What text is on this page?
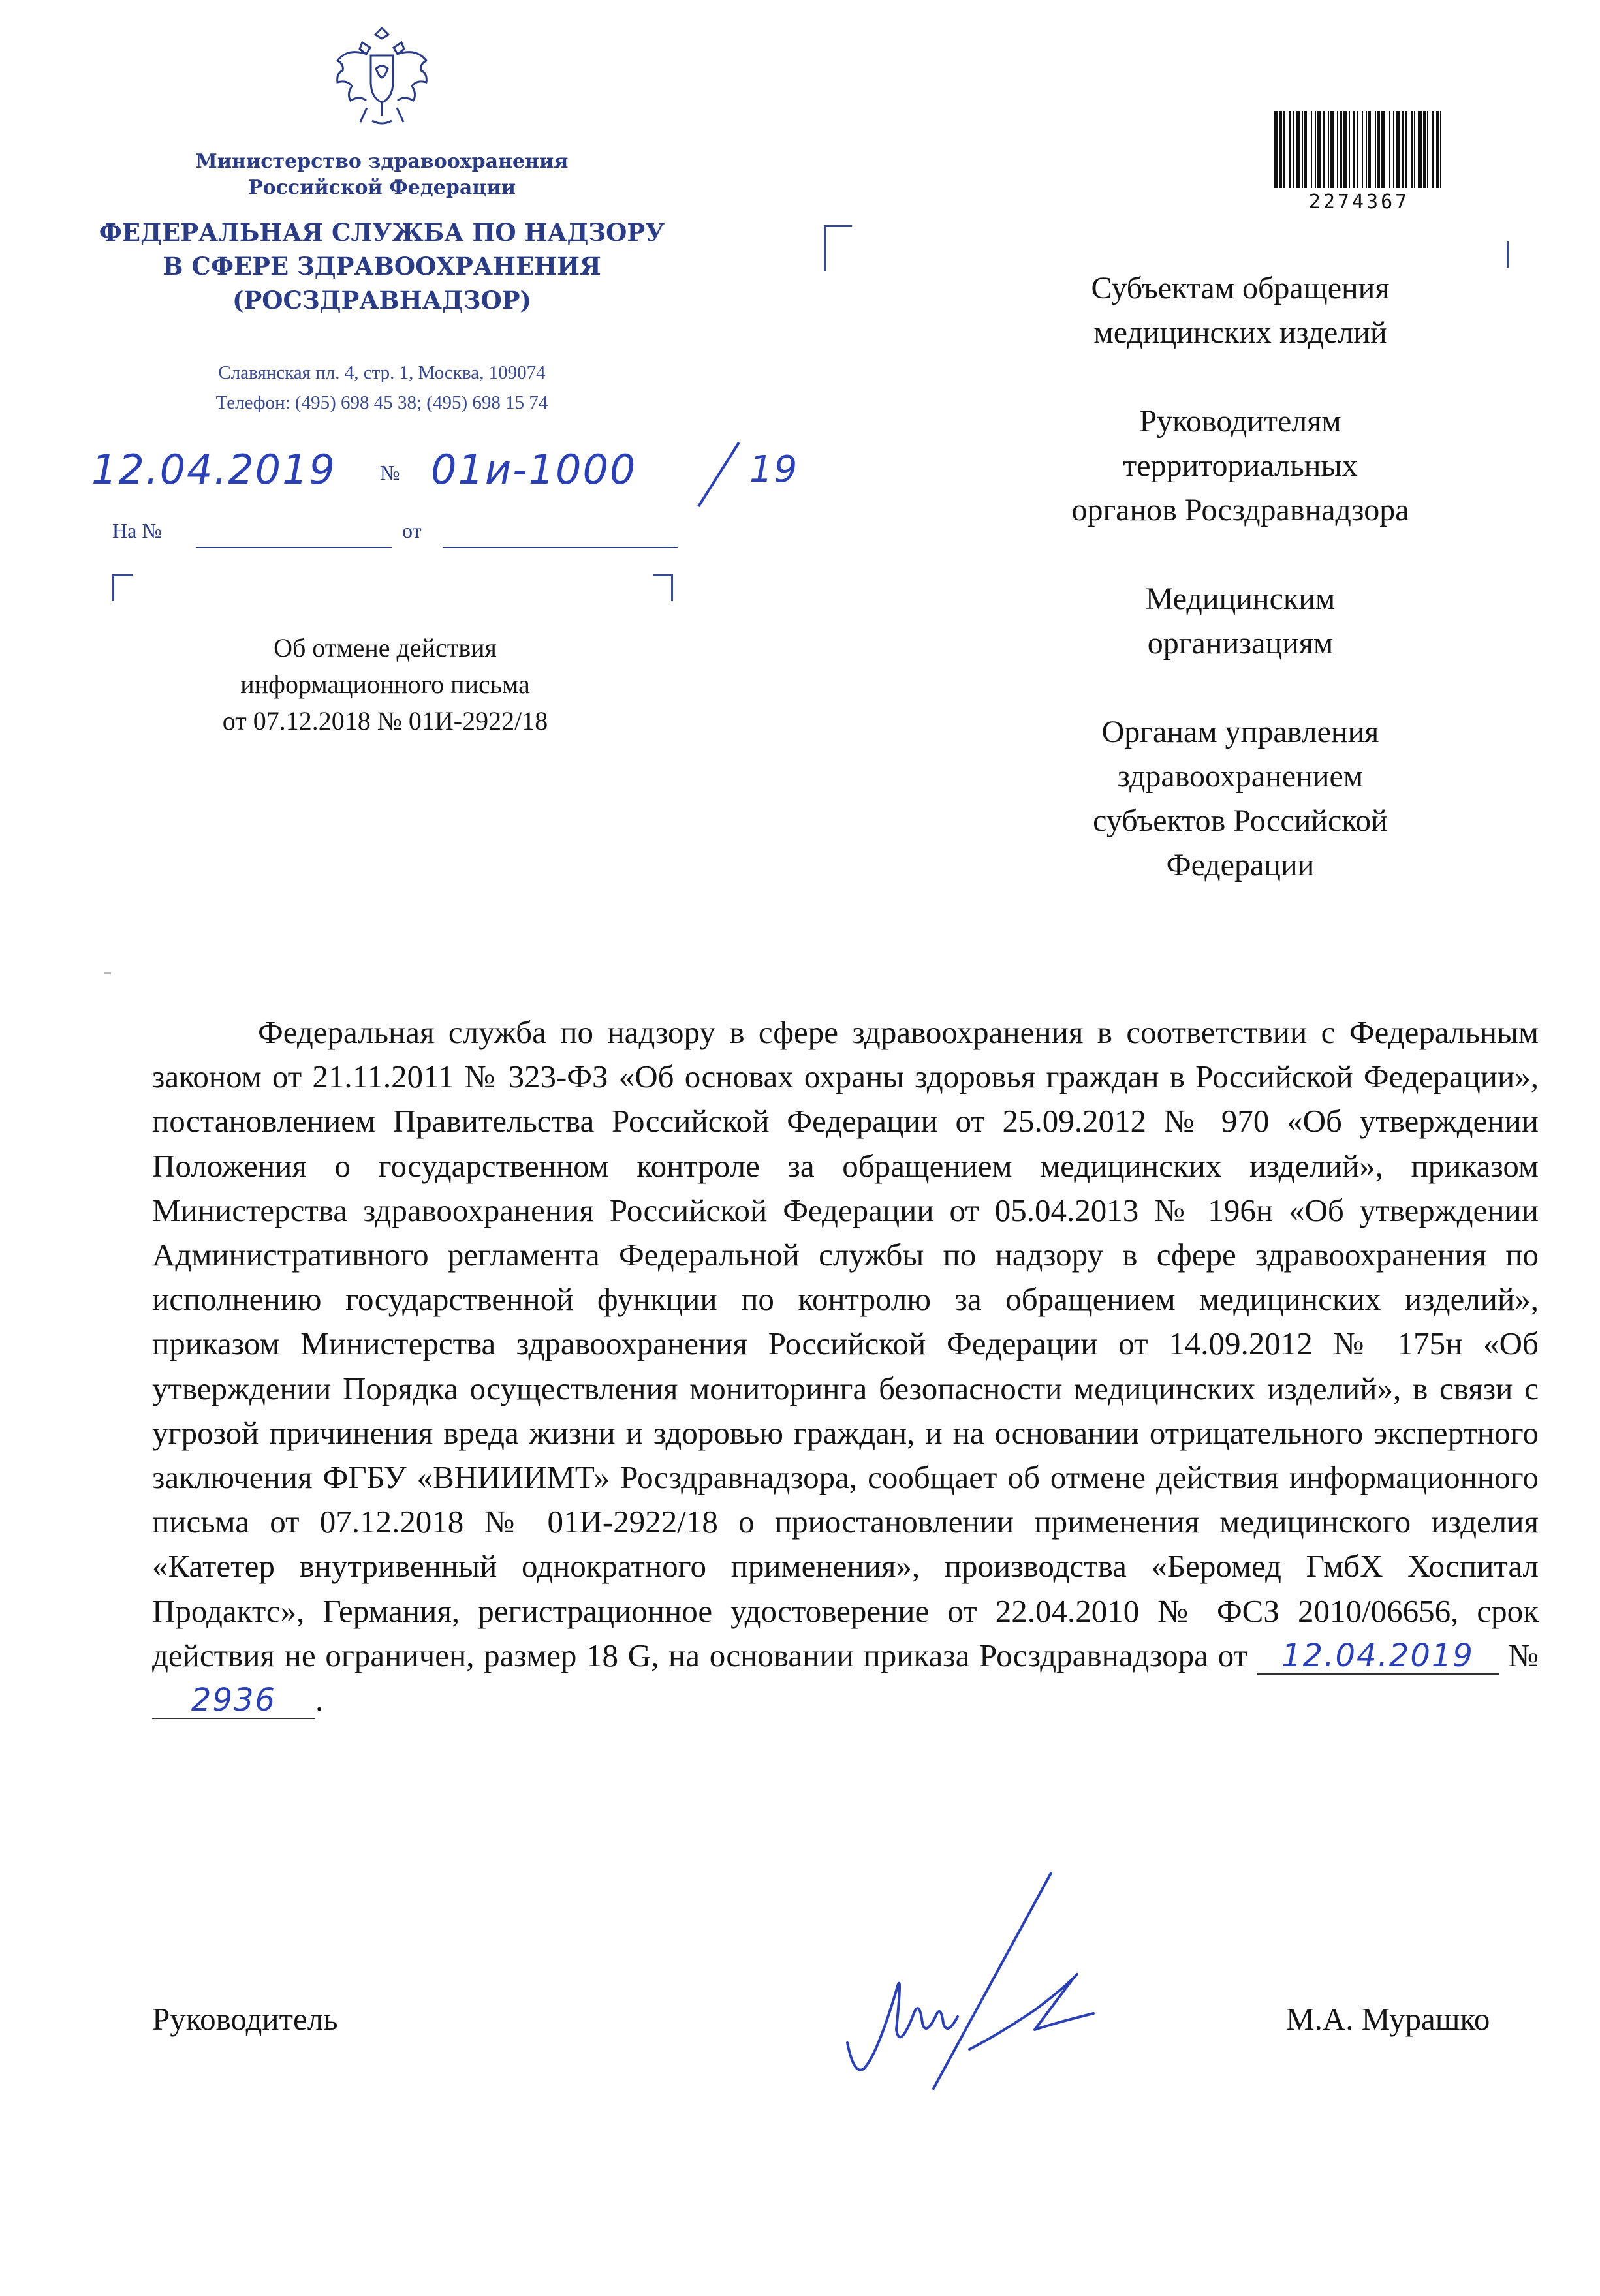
Министерство здравоохранения
Российской Федерации
ФЕДЕРАЛЬНАЯ СЛУЖБА ПО НАДЗОРУ
В СФЕРЕ ЗДРАВООХРАНЕНИЯ
(РОСЗДРАВНАДЗОР)
Славянская пл. 4, стр. 1, Москва, 109074
Телефон: (495) 698 45 38; (495) 698 15 74
12.04.2019 № 01и-1000	19
На №	от
Об отмене действия
информационного письма
от 07.12.2018 № 01И-2922/18
2274367
Субъектам обращения
медицинских изделий
Руководителям
территориальных
органов Росздравнадзора
Медицинским
организациям
Органам управления
здравоохранением
субъектов Российской
Федерации
Федеральная служба по надзору в сфере здравоохранения в соответствии с Федеральным законом от 21.11.2011 № 323-ФЗ «Об основах охраны здоровья граждан в Российской Федерации», постановлением Правительства Российской Федерации от 25.09.2012 № 970 «Об утверждении Положения о государственном контроле за обращением медицинских изделий», приказом Министерства здравоохранения Российской Федерации от 05.04.2013 № 196н «Об утверждении Административного регламента Федеральной службы по надзору в сфере здравоохранения по исполнению государственной функции по контролю за обращением медицинских изделий», приказом Министерства здравоохранения Российской Федерации от 14.09.2012 № 175н «Об утверждении Порядка осуществления мониторинга безопасности медицинских изделий», в связи с угрозой причинения вреда жизни и здоровью граждан, и на основании отрицательного экспертного заключения ФГБУ «ВНИИИМТ» Росздравнадзора, сообщает об отмене действия информационного письма от 07.12.2018 № 01И-2922/18 о приостановлении применения медицинского изделия «Катетер внутривенный однократного применения», производства «Беромед ГмбХ Хоспитал Продактс», Германия, регистрационное удостоверение от 22.04.2010 № ФСЗ 2010/06656, срок действия не ограничен, размер 18 G, на основании приказа Росздравнадзора от 12.04.2019 № 2936 .
Руководитель	М.А. Мурашко
